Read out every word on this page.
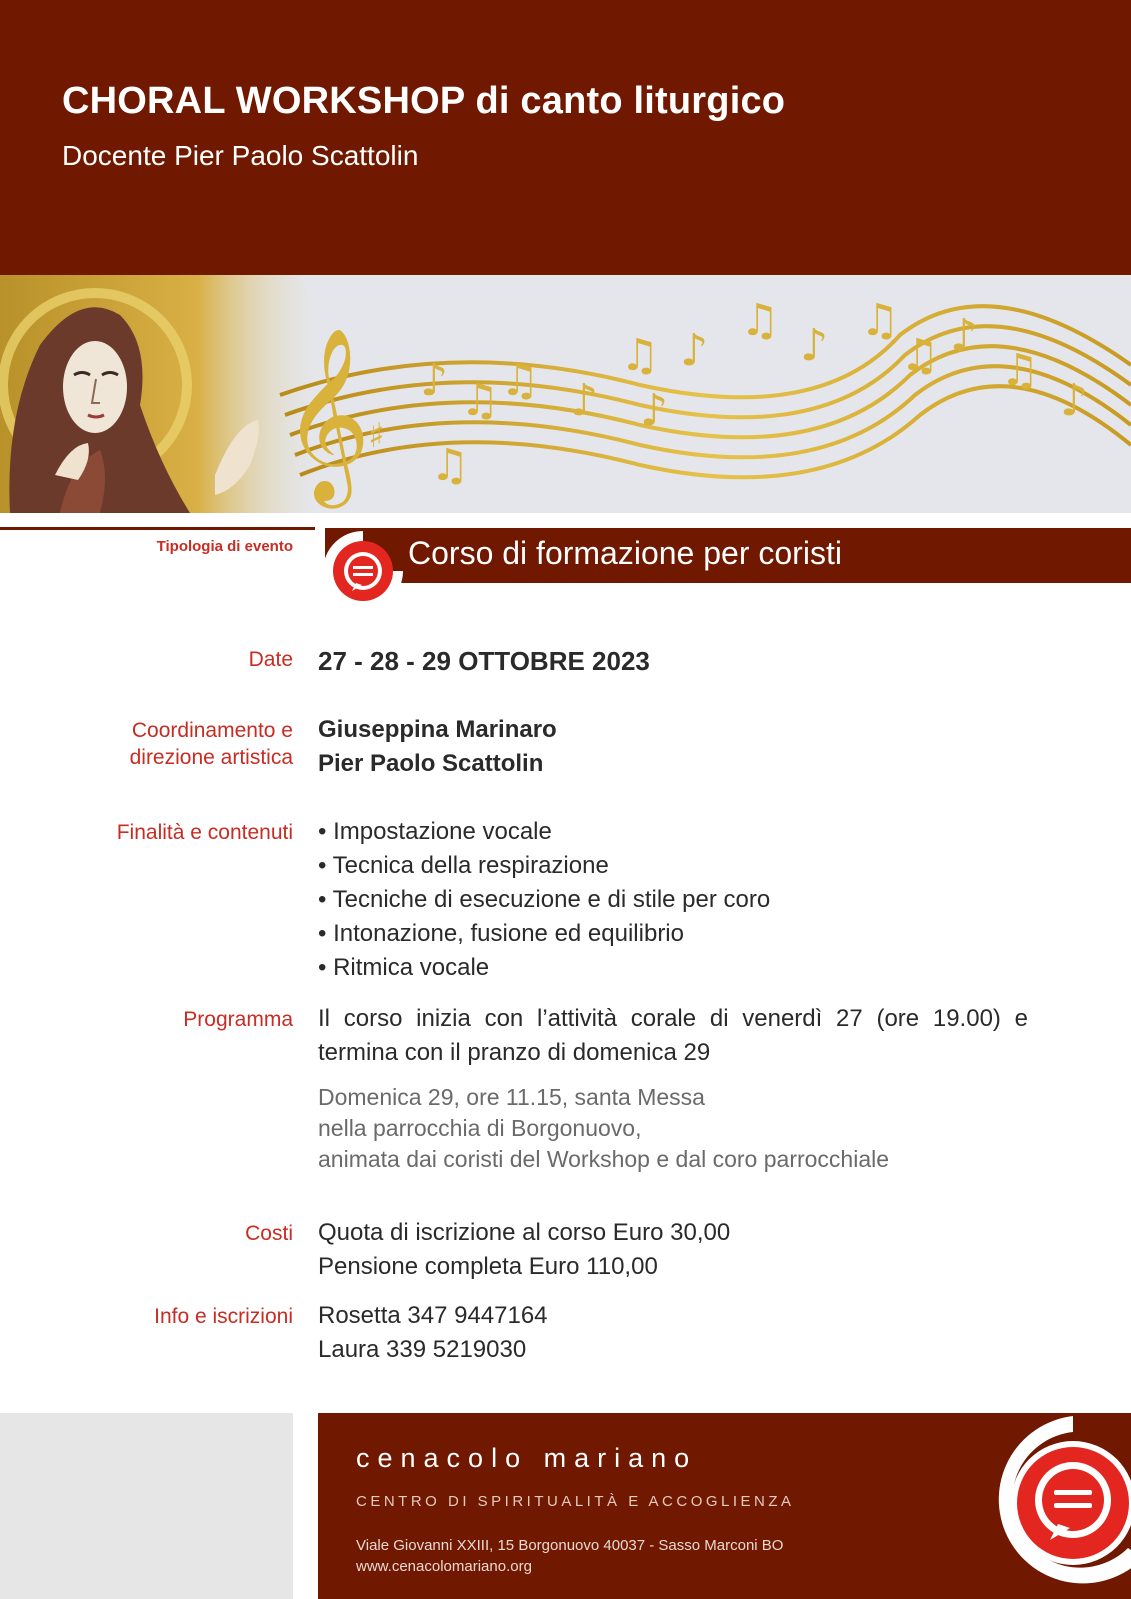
CHORAL WORKSHOP di canto liturgico
Docente Pier Paolo Scattolin
𝄞
♯
♪ ♫ ♫ ♪
♫ ♪
♫ ♪ ♫
♫ ♪
♫
♪
♫
♪
Tipologia di evento	Corso di formazione per coristi
Date 27 - 28 - 29 OTTOBRE 2023
Coordinamento e
direzione artistica
Giuseppina Marinaro
Pier Paolo Scattolin
Finalità e contenuti • Impostazione vocale
• Tecnica della respirazione
• Tecniche di esecuzione e di stile per coro
• Intonazione, fusione ed equilibrio
• Ritmica vocale
Programma Il corso inizia con l’attività corale di venerdì 27 (ore 19.00) e termina con il pranzo di domenica 29
Domenica 29, ore 11.15, santa Messa
nella parrocchia di Borgonuovo,
animata dai coristi del Workshop e dal coro parrocchiale
Costi Quota di iscrizione al corso Euro 30,00
Pensione completa Euro 110,00
Info e iscrizioni Rosetta 347 9447164
Laura 339 5219030
cenacolo mariano
CENTRO DI SPIRITUALITÀ E ACCOGLIENZA
Viale Giovanni XXIII, 15 Borgonuovo 40037 - Sasso Marconi BO
www.cenacolomariano.org
